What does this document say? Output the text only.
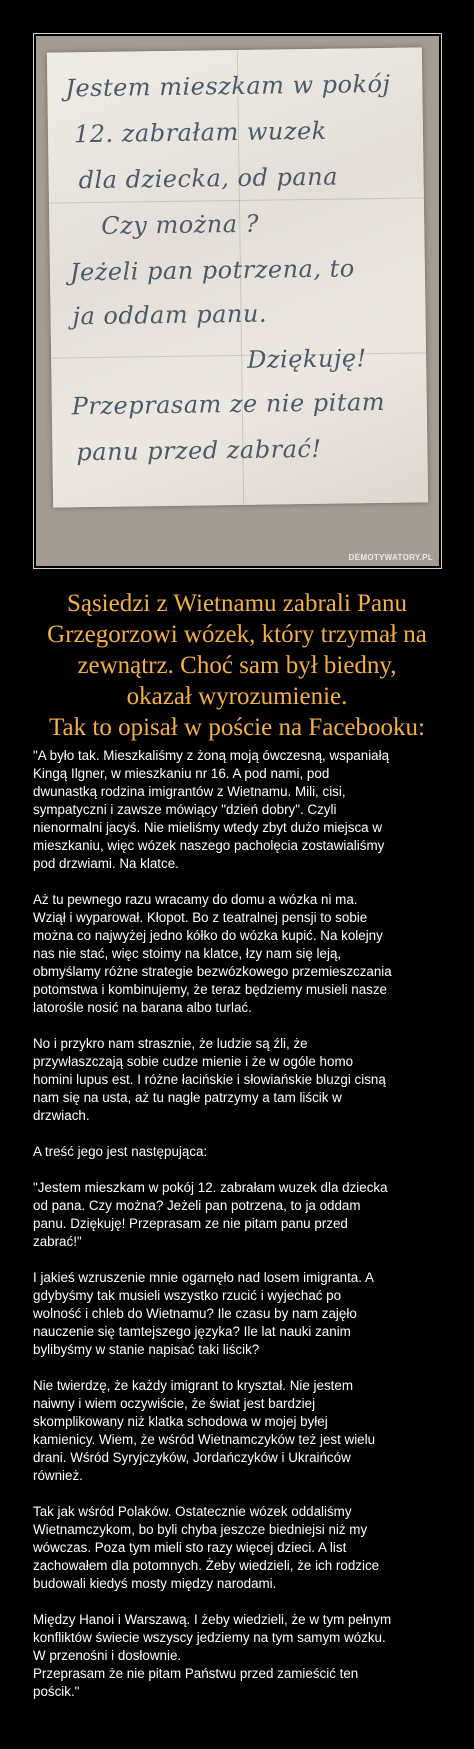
Jestem mieszkam w pokój
12. zabrałam wuzek
dla dziecka, od pana
Czy można ?
Jeżeli pan potrzena, to
ja oddam panu.
Dziękuję!
Przeprasam ze nie pitam
panu przed zabrać!
DEMOTYWATORY.PL
Sąsiedzi z Wietnamu zabrali Panu
Grzegorzowi wózek, który trzymał na
zewnątrz. Choć sam był biedny,
okazał wyrozumienie.
Tak to opisał w poście na Facebooku:
"A było tak. Mieszkaliśmy z żoną moją ówczesną, wspaniałą
Kingą Ilgner, w mieszkaniu nr 16. A pod nami, pod
dwunastką rodzina imigrantów z Wietnamu. Mili, cisi,
sympatyczni i zawsze mówiący "dzień dobry". Czyli
nienormalni jacyś. Nie mieliśmy wtedy zbyt dużo miejsca w
mieszkaniu, więc wózek naszego pacholęcia zostawialiśmy
pod drzwiami. Na klatce.
Aż tu pewnego razu wracamy do domu a wózka ni ma.
Wziął i wyparował. Kłopot. Bo z teatralnej pensji to sobie
można co najwyżej jedno kółko do wózka kupić. Na kolejny
nas nie stać, więc stoimy na klatce, łzy nam się leją,
obmyślamy różne strategie bezwózkowego przemieszczania
potomstwa i kombinujemy, że teraz będziemy musieli nasze
latorośle nosić na barana albo turlać.
No i przykro nam strasznie, że ludzie są źli, że
przywłaszczają sobie cudze mienie i że w ogóle homo
homini lupus est. I różne łacińskie i słowiańskie bluzgi cisną
nam się na usta, aż tu nagle patrzymy a tam liścik w
drzwiach.
A treść jego jest następująca:
"Jestem mieszkam w pokój 12. zabrałam wuzek dla dziecka
od pana. Czy można? Jeżeli pan potrzena, to ja oddam
panu. Dziękuję! Przeprasam ze nie pitam panu przed
zabrać!"
I jakieś wzruszenie mnie ogarnęło nad losem imigranta. A
gdybyśmy tak musieli wszystko rzucić i wyjechać po
wolność i chleb do Wietnamu? Ile czasu by nam zajęło
nauczenie się tamtejszego języka? Ile lat nauki zanim
bylibyśmy w stanie napisać taki liścik?
Nie twierdzę, że każdy imigrant to kryształ. Nie jestem
naiwny i wiem oczywiście, że świat jest bardziej
skomplikowany niż klatka schodowa w mojej byłej
kamienicy. Wiem, że wśród Wietnamczyków też jest wielu
drani. Wśród Syryjczyków, Jordańczyków i Ukraińców
również.
Tak jak wśród Polaków. Ostatecznie wózek oddaliśmy
Wietnamczykom, bo byli chyba jeszcze biedniejsi niż my
wówczas. Poza tym mieli sto razy więcej dzieci. A list
zachowałem dla potomnych. Żeby wiedzieli, że ich rodzice
budowali kiedyś mosty między narodami.
Między Hanoi i Warszawą. I żeby wiedzieli, że w tym pełnym
konfliktów świecie wszyscy jedziemy na tym samym wózku.
W przenośni i dosłownie.
Przeprasam że nie pitam Państwu przed zamieścić ten
pościk."
